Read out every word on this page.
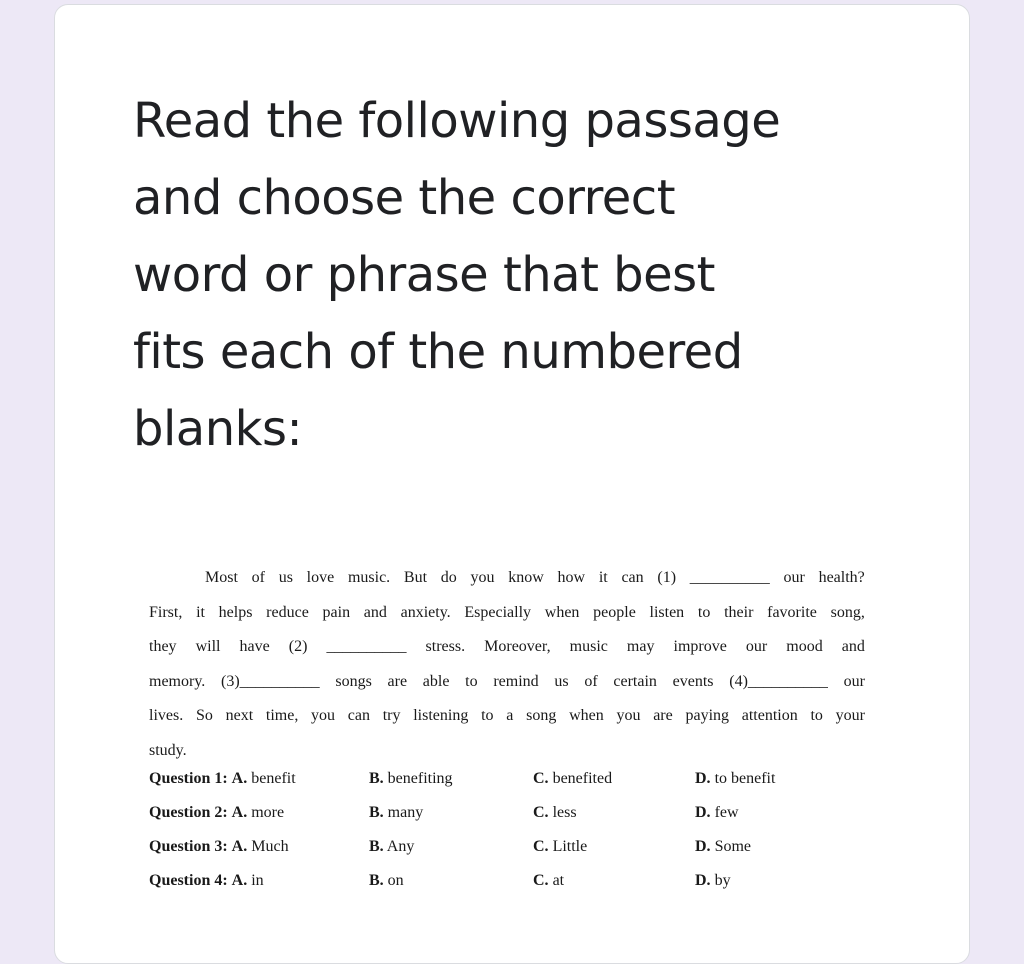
Read the following passage
and choose the correct
word or phrase that best
fits each of the numbered
blanks:
Most of us love music. But do you know how it can (1) __________ our health?
First, it helps reduce pain and anxiety. Especially when people listen to their favorite song,
they will have (2) __________ stress. Moreover, music may improve our mood and
memory. (3)__________ songs are able to remind us of certain events (4)__________ our
lives. So next time, you can try listening to a song when you are paying attention to your
study.
Question 1: A. benefit	B. benefiting	C. benefited	D. to benefit
Question 2: A. more	B. many	C. less	D. few
Question 3: A. Much	B. Any	C. Little	D. Some
Question 4: A. in	B. on	C. at	D. by
